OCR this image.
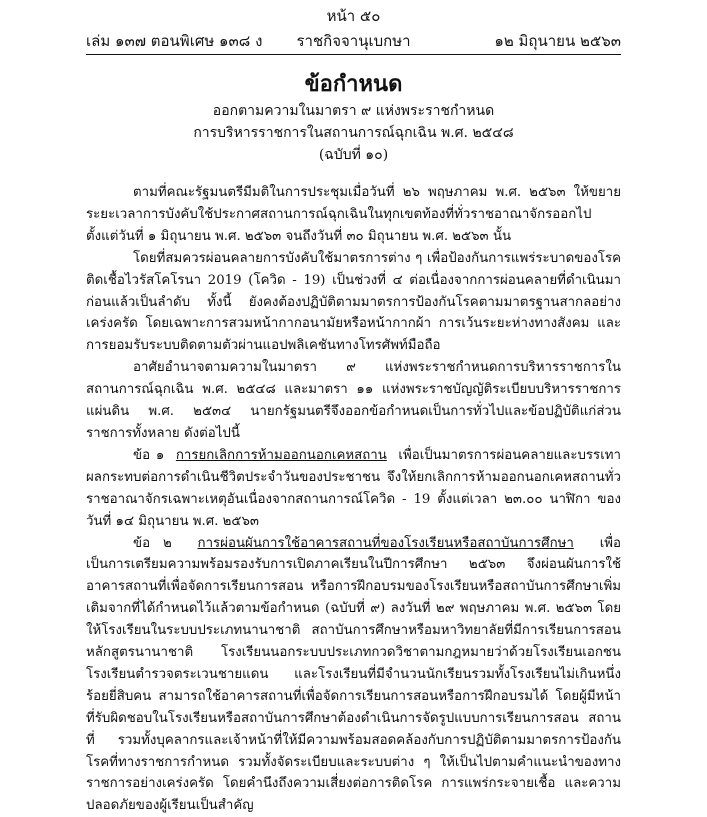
หน้า ๕๐
เล่ม ๑๓๗ ตอนพิเศษ ๑๓๘ ง	ราชกิจจานุเบกษา	๑๒ มิถุนายน ๒๕๖๓
ข้อกำหนด
ออกตามความในมาตรา ๙ แห่งพระราชกำหนด
การบริหารราชการในสถานการณ์ฉุกเฉิน พ.ศ. ๒๕๔๘
(ฉบับที่ ๑๐)

ตามที่คณะรัฐมนตรีมีมติในการประชุมเมื่อวันที่ ๒๖ พฤษภาคม พ.ศ. ๒๕๖๓ ให้ขยายระยะเวลาการบังคับใช้ประกาศสถานการณ์ฉุกเฉินในทุกเขตท้องที่ทั่วราชอาณาจักรออกไปตั้งแต่วันที่ ๑ มิถุนายน พ.ศ. ๒๕๖๓ จนถึงวันที่ ๓๐ มิถุนายน พ.ศ. ๒๕๖๓ นั้น

โดยที่สมควรผ่อนคลายการบังคับใช้มาตรการต่าง ๆ เพื่อป้องกันการแพร่ระบาดของโรคติดเชื้อไวรัสโคโรนา 2019 (โควิด - 19) เป็นช่วงที่ ๔ ต่อเนื่องจากการผ่อนคลายที่ดำเนินมาก่อนแล้วเป็นลำดับ ทั้งนี้ ยังคงต้องปฏิบัติตามมาตรการป้องกันโรคตามมาตรฐานสากลอย่างเคร่งครัด โดยเฉพาะการสวมหน้ากากอนามัยหรือหน้ากากผ้า การเว้นระยะห่างทางสังคม และการยอมรับระบบติดตามตัวผ่านแอปพลิเคชันทางโทรศัพท์มือถือ

อาศัยอำนาจตามความในมาตรา ๙ แห่งพระราชกำหนดการบริหารราชการในสถานการณ์ฉุกเฉิน พ.ศ. ๒๕๔๘ และมาตรา ๑๑ แห่งพระราชบัญญัติระเบียบบริหารราชการแผ่นดิน พ.ศ. ๒๕๓๔ นายกรัฐมนตรีจึงออกข้อกำหนดเป็นการทั่วไปและข้อปฏิบัติแก่ส่วนราชการทั้งหลาย ดังต่อไปนี้

ข้อ ๑ การยกเลิกการห้ามออกนอกเคหสถาน เพื่อเป็นมาตรการผ่อนคลายและบรรเทาผลกระทบต่อการดำเนินชีวิตประจำวันของประชาชน จึงให้ยกเลิกการห้ามออกนอกเคหสถานทั่วราชอาณาจักรเฉพาะเหตุอันเนื่องจากสถานการณ์โควิด - 19 ตั้งแต่เวลา ๒๓.๐๐ นาฬิกา ของวันที่ ๑๔ มิถุนายน พ.ศ. ๒๕๖๓

ข้อ ๒ การผ่อนผันการใช้อาคารสถานที่ของโรงเรียนหรือสถาบันการศึกษา เพื่อเป็นการเตรียมความพร้อมรองรับการเปิดภาคเรียนในปีการศึกษา ๒๕๖๓ จึงผ่อนผันการใช้อาคารสถานที่เพื่อจัดการเรียนการสอน หรือการฝึกอบรมของโรงเรียนหรือสถาบันการศึกษาเพิ่มเติมจากที่ได้กำหนดไว้แล้วตามข้อกำหนด (ฉบับที่ ๙) ลงวันที่ ๒๙ พฤษภาคม พ.ศ. ๒๕๖๓ โดยให้โรงเรียนในระบบประเภทนานาชาติ สถาบันการศึกษาหรือมหาวิทยาลัยที่มีการเรียนการสอนหลักสูตรนานาชาติ โรงเรียนนอกระบบประเภทกวดวิชาตามกฎหมายว่าด้วยโรงเรียนเอกชน โรงเรียนตำรวจตระเวนชายแดน และโรงเรียนที่มีจำนวนนักเรียนรวมทั้งโรงเรียนไม่เกินหนึ่งร้อยยี่สิบคน สามารถใช้อาคารสถานที่เพื่อจัดการเรียนการสอนหรือการฝึกอบรมได้ โดยผู้มีหน้าที่รับผิดชอบในโรงเรียนหรือสถาบันการศึกษาต้องดำเนินการจัดรูปแบบการเรียนการสอน สถานที่ รวมทั้งบุคลากรและเจ้าหน้าที่ให้มีความพร้อมสอดคล้องกับการปฏิบัติตามมาตรการป้องกันโรคที่ทางราชการกำหนด รวมทั้งจัดระเบียบและระบบต่าง ๆ ให้เป็นไปตามคำแนะนำของทางราชการอย่างเคร่งครัด โดยคำนึงถึงความเสี่ยงต่อการติดโรค การแพร่กระจายเชื้อ และความปลอดภัยของผู้เรียนเป็นสำคัญ
